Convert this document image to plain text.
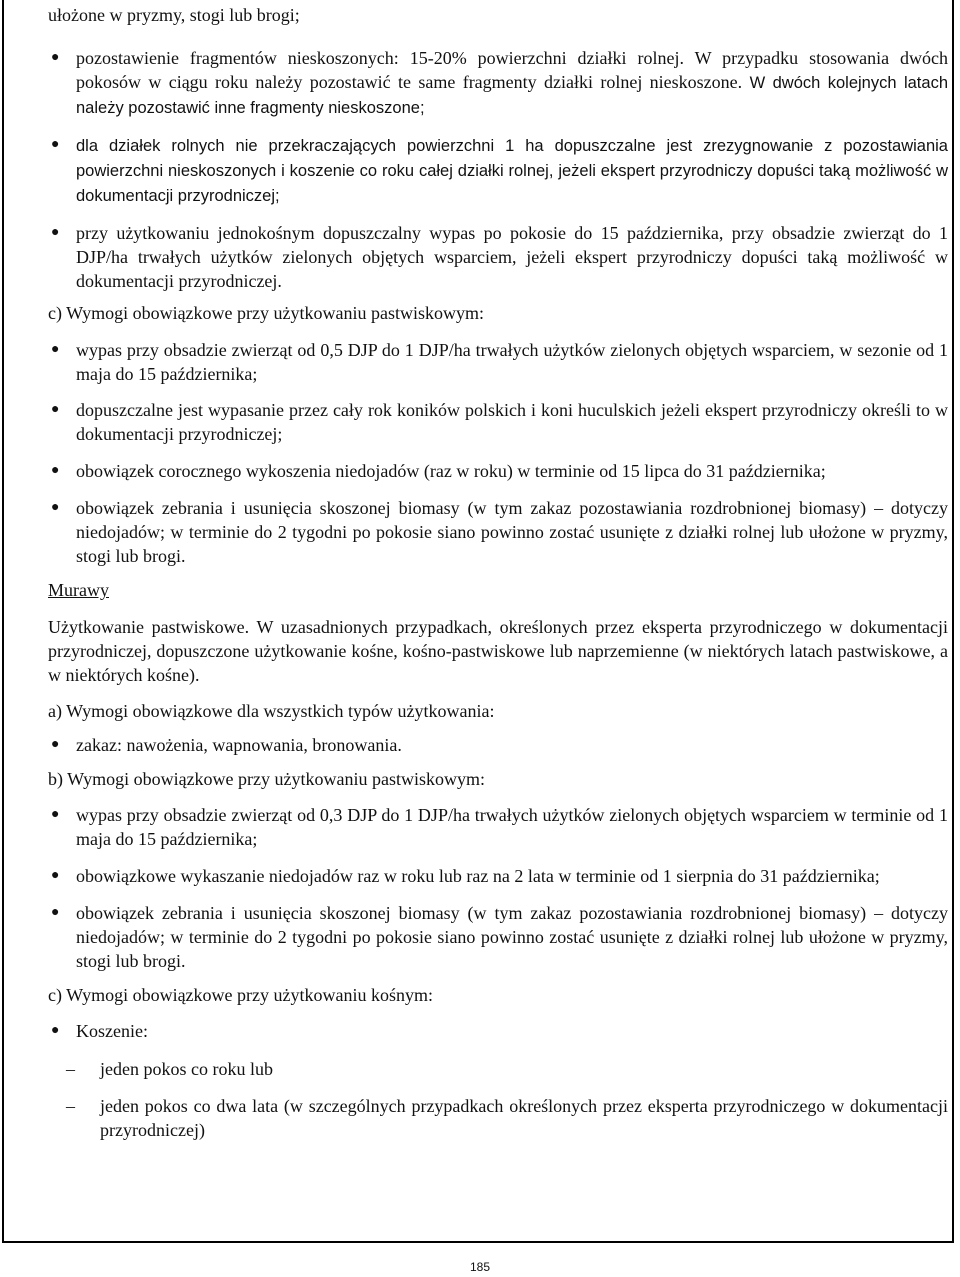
ułożone w pryzmy, stogi lub brogi;
● pozostawienie fragmentów nieskoszonych: 15-20% powierzchni działki rolnej. W przypadku stosowania dwóch pokosów w ciągu roku należy pozostawić te same fragmenty działki rolnej nieskoszone. W dwóch kolejnych latach należy pozostawić inne fragmenty nieskoszone;
● dla działek rolnych nie przekraczających powierzchni 1 ha dopuszczalne jest zrezygnowanie z pozostawiania powierzchni nieskoszonych i koszenie co roku całej działki rolnej, jeżeli ekspert przyrodniczy dopuści taką możliwość w dokumentacji przyrodniczej;
● przy użytkowaniu jednokośnym dopuszczalny wypas po pokosie do 15 października, przy obsadzie zwierząt do 1 DJP/ha trwałych użytków zielonych objętych wsparciem, jeżeli ekspert przyrodniczy dopuści taką możliwość w dokumentacji przyrodniczej.
c) Wymogi obowiązkowe przy użytkowaniu pastwiskowym:
● wypas przy obsadzie zwierząt od 0,5 DJP do 1 DJP/ha trwałych użytków zielonych objętych wsparciem, w sezonie od 1 maja do 15 października;
● dopuszczalne jest wypasanie przez cały rok koników polskich i koni huculskich jeżeli ekspert przyrodniczy określi to w dokumentacji przyrodniczej;
● obowiązek corocznego wykoszenia niedojadów (raz w roku) w terminie od 15 lipca do 31 października;
● obowiązek zebrania i usunięcia skoszonej biomasy (w tym zakaz pozostawiania rozdrobnionej biomasy) – dotyczy niedojadów; w terminie do 2 tygodni po pokosie siano powinno zostać usunięte z działki rolnej lub ułożone w pryzmy, stogi lub brogi.
Murawy
Użytkowanie pastwiskowe. W uzasadnionych przypadkach, określonych przez eksperta przyrodniczego w dokumentacji przyrodniczej, dopuszczone użytkowanie kośne, kośno-pastwiskowe lub naprzemienne (w niektórych latach pastwiskowe, a w niektórych kośne).
a) Wymogi obowiązkowe dla wszystkich typów użytkowania:
● zakaz: nawożenia, wapnowania, bronowania.
b) Wymogi obowiązkowe przy użytkowaniu pastwiskowym:
● wypas przy obsadzie zwierząt od 0,3 DJP do 1 DJP/ha trwałych użytków zielonych objętych wsparciem w terminie od 1 maja do 15 października;
● obowiązkowe wykaszanie niedojadów raz w roku lub raz na 2 lata w terminie od 1 sierpnia do 31 października;
● obowiązek zebrania i usunięcia skoszonej biomasy (w tym zakaz pozostawiania rozdrobnionej biomasy) – dotyczy niedojadów; w terminie do 2 tygodni po pokosie siano powinno zostać usunięte z działki rolnej lub ułożone w pryzmy, stogi lub brogi.
c) Wymogi obowiązkowe przy użytkowaniu kośnym:
● Koszenie:
– jeden pokos co roku lub
– jeden pokos co dwa lata (w szczególnych przypadkach określonych przez eksperta przyrodniczego w dokumentacji przyrodniczej)
185
